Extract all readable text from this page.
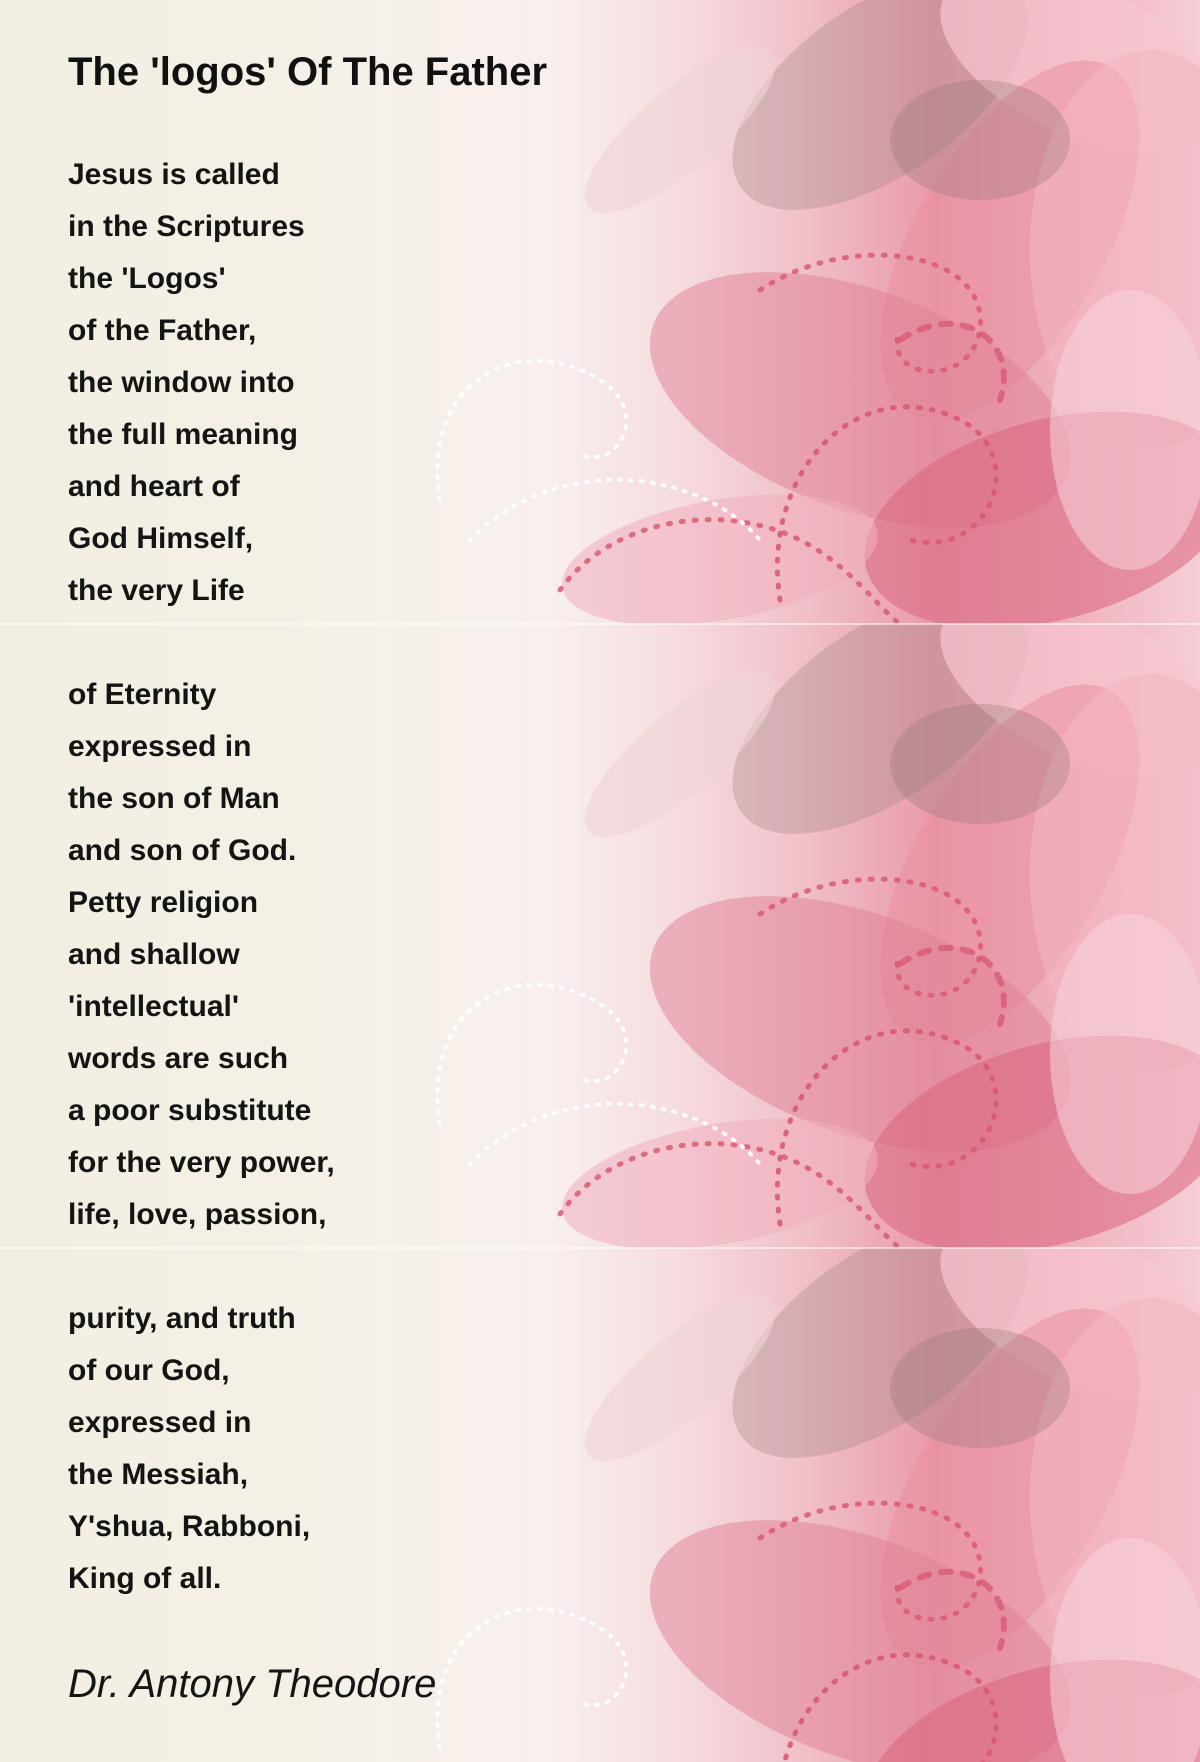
The 'logos' Of The Father
Jesus is called
in the Scriptures
the 'Logos'
of the Father,
the window into
the full meaning
and heart of
God Himself,
the very Life
of Eternity
expressed in
the son of Man
and son of God.
Petty religion
and shallow
'intellectual'
words are such
a poor substitute
for the very power,
life, love, passion,
purity, and truth
of our God,
expressed in
the Messiah,
Y'shua, Rabboni,
King of all.

Dr. Antony Theodore
